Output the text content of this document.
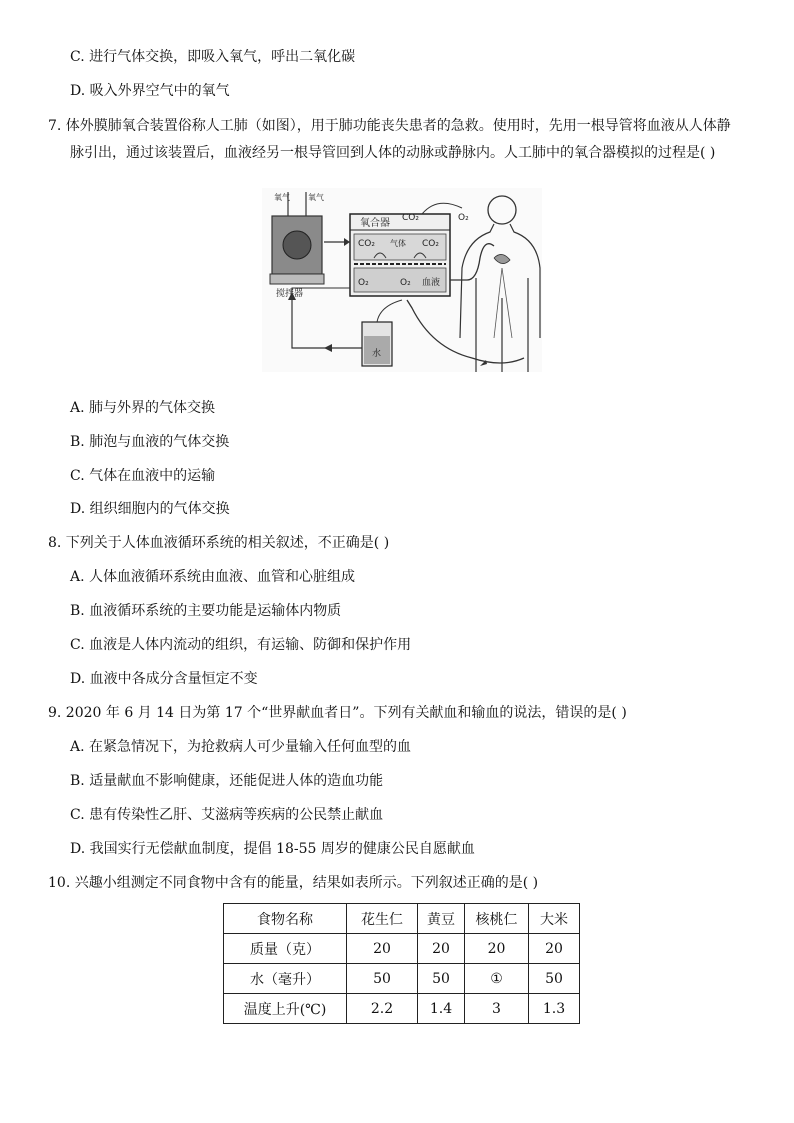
C. 进行气体交换，即吸入氧气，呼出二氧化碳
D. 吸入外界空气中的氧气
7. 体外膜肺氧合装置俗称人工肺（如图），用于肺功能丧失患者的急救。使用时，先用一根导管将血液从人体静
脉引出，通过该装置后，血液经另一根导管回到人体的动脉或静脉内。人工肺中的氧合器模拟的过程是( )
氧气 氧气
氧合器 CO₂	O₂
CO₂ 气体 CO₂
O₂	O₂ 血液
搅拌器
水
A. 肺与外界的气体交换
B. 肺泡与血液的气体交换
C. 气体在血液中的运输
D. 组织细胞内的气体交换
8. 下列关于人体血液循环系统的相关叙述，不正确是( )
A. 人体血液循环系统由血液、血管和心脏组成
B. 血液循环系统的主要功能是运输体内物质
C. 血液是人体内流动的组织，有运输、防御和保护作用
D. 血液中各成分含量恒定不变
9. 2020 年 6 月 14 日为第 17 个“世界献血者日”。下列有关献血和输血的说法，错误的是( )
A. 在紧急情况下，为抢救病人可少量输入任何血型的血
B. 适量献血不影响健康，还能促进人体的造血功能
C. 患有传染性乙肝、艾滋病等疾病的公民禁止献血
D. 我国实行无偿献血制度，提倡 18-55 周岁的健康公民自愿献血
10. 兴趣小组测定不同食物中含有的能量，结果如表所示。下列叙述正确的是( )
食物名称	花生仁	黄豆	核桃仁	大米
质量（克）	20	20	20	20
水（毫升）	50	50	①	50
温度上升(℃)	2.2	1.4	3	1.3
